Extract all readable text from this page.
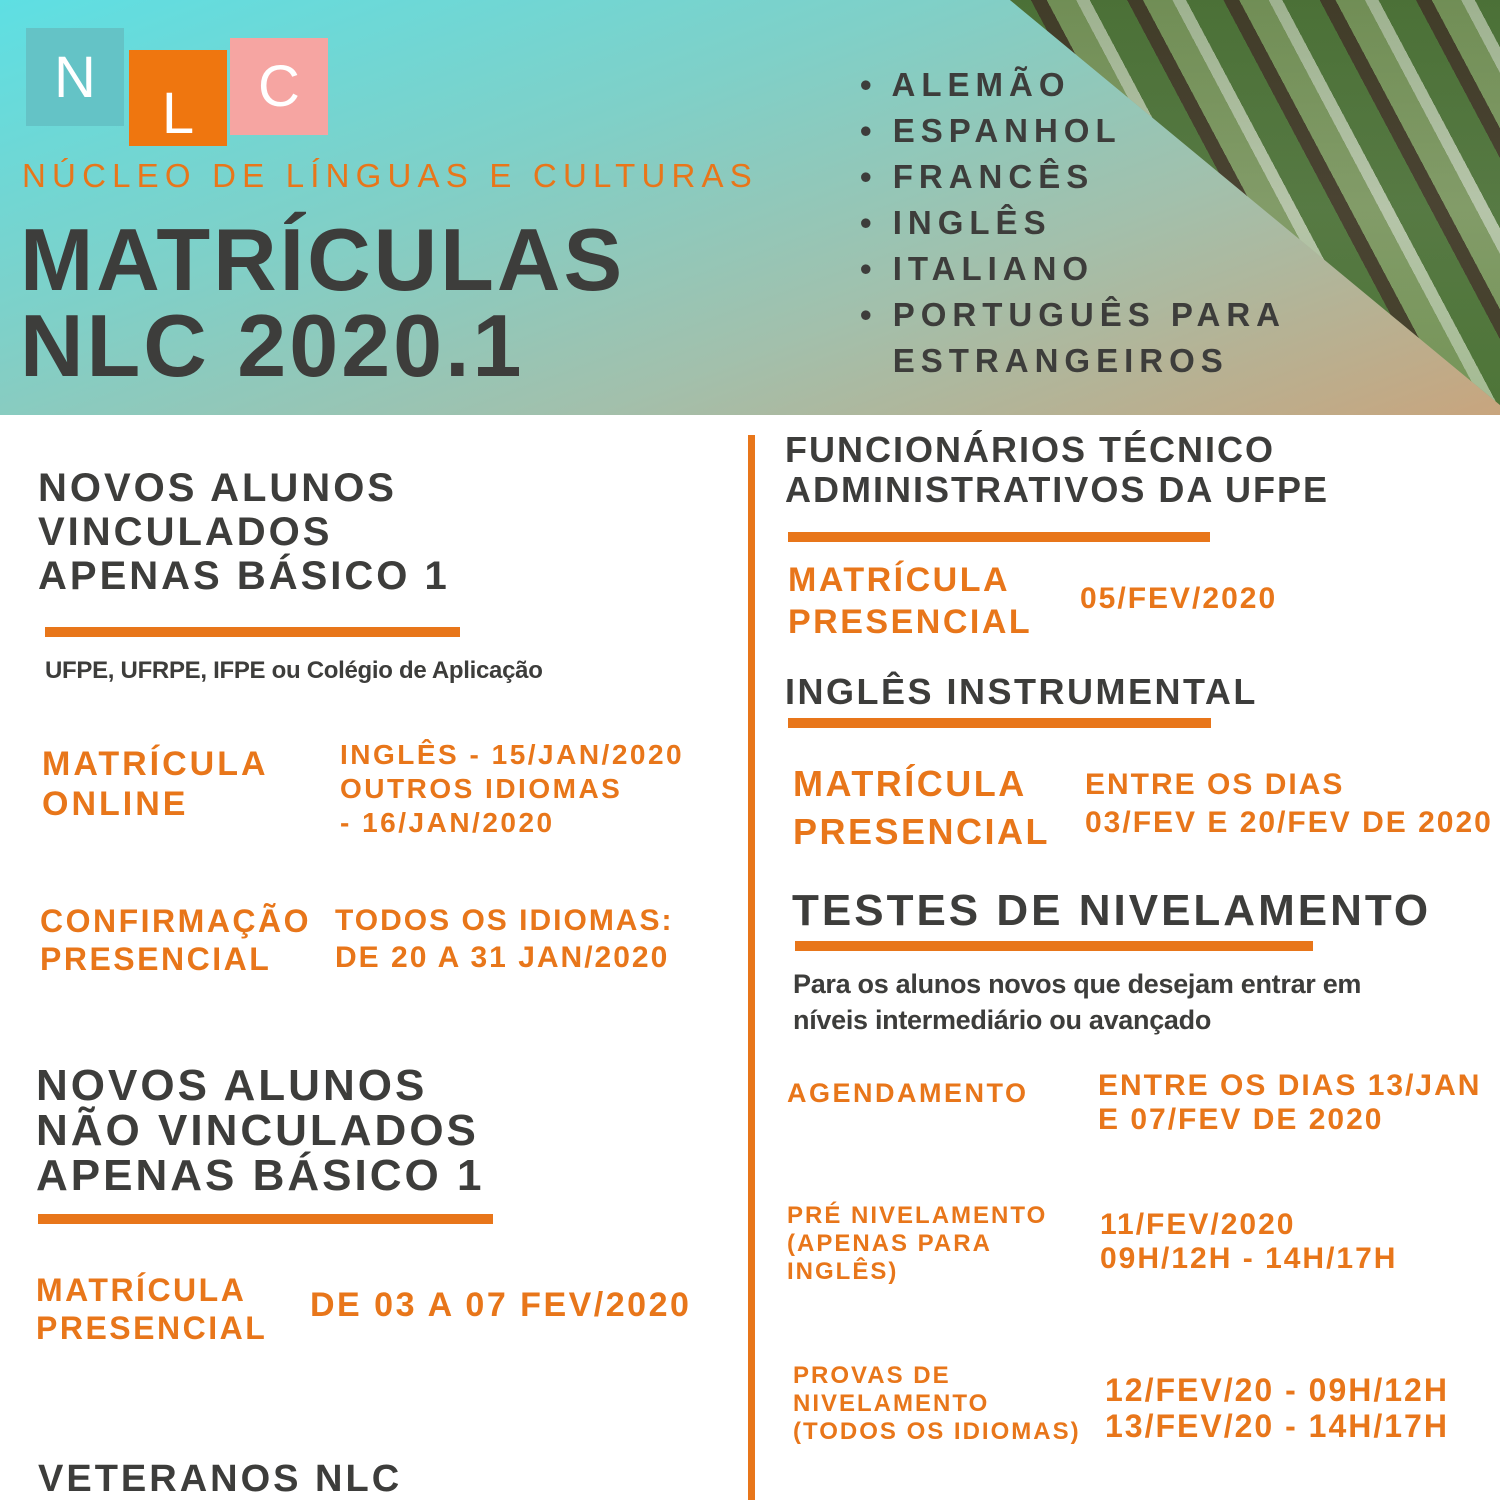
N
L	C
NÚCLEO DE LÍNGUAS E CULTURAS
MATRÍCULAS
NLC 2020.1
• ALEMÃO
• ESPANHOL
• FRANCÊS
• INGLÊS
• ITALIANO
• PORTUGUÊS PARA
ESTRANGEIROS
NOVOS ALUNOS
VINCULADOS
APENAS BÁSICO 1
UFPE, UFRPE, IFPE ou Colégio de Aplicação
MATRÍCULA
ONLINE
INGLÊS - 15/JAN/2020
OUTROS IDIOMAS
- 16/JAN/2020
CONFIRMAÇÃO
PRESENCIAL
TODOS OS IDIOMAS:
DE 20 A 31 JAN/2020
NOVOS ALUNOS
NÃO VINCULADOS
APENAS BÁSICO 1
MATRÍCULA
PRESENCIAL
DE 03 A 07 FEV/2020
VETERANOS NLC
FUNCIONÁRIOS TÉCNICO
ADMINISTRATIVOS DA UFPE
MATRÍCULA
PRESENCIAL
05/FEV/2020
INGLÊS INSTRUMENTAL
MATRÍCULA
PRESENCIAL
ENTRE OS DIAS
03/FEV E 20/FEV DE 2020
TESTES DE NIVELAMENTO
Para os alunos novos que desejam entrar em
níveis intermediário ou avançado
AGENDAMENTO ENTRE OS DIAS 13/JAN
E 07/FEV DE 2020
PRÉ NIVELAMENTO
(APENAS PARA
INGLÊS)
11/FEV/2020
09H/12H - 14H/17H
PROVAS DE
NIVELAMENTO
(TODOS OS IDIOMAS)
12/FEV/20 - 09H/12H
13/FEV/20 - 14H/17H
